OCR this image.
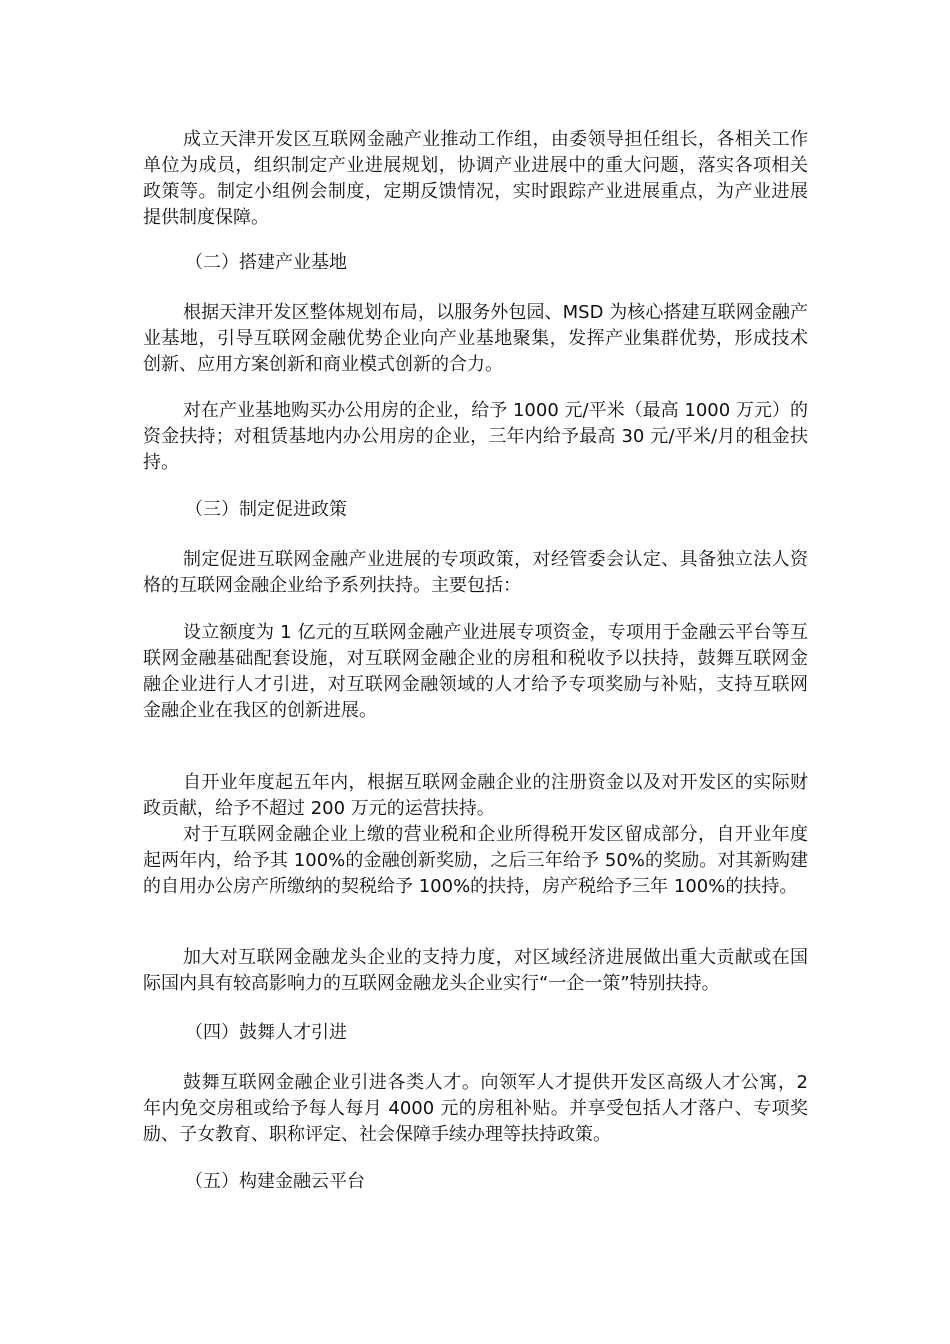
成立天津开发区互联网金融产业推动工作组，由委领导担任组长，各相关工作单位为成员，组织制定产业进展规划，协调产业进展中的重大问题，落实各项相关政策等。制定小组例会制度，定期反馈情况，实时跟踪产业进展重点，为产业进展提供制度保障。

（二）搭建产业基地

根据天津开发区整体规划布局，以服务外包园、MSD 为核心搭建互联网金融产业基地，引导互联网金融优势企业向产业基地聚集，发挥产业集群优势，形成技术创新、应用方案创新和商业模式创新的合力。

对在产业基地购买办公用房的企业，给予 1000 元/平米（最高 1000 万元）的资金扶持；对租赁基地内办公用房的企业，三年内给予最高 30 元/平米/月的租金扶持。

（三）制定促进政策

制定促进互联网金融产业进展的专项政策，对经管委会认定、具备独立法人资格的互联网金融企业给予系列扶持。主要包括：

设立额度为 1 亿元的互联网金融产业进展专项资金，专项用于金融云平台等互联网金融基础配套设施，对互联网金融企业的房租和税收予以扶持，鼓舞互联网金融企业进行人才引进，对互联网金融领域的人才给予专项奖励与补贴，支持互联网金融企业在我区的创新进展。

自开业年度起五年内，根据互联网金融企业的注册资金以及对开发区的实际财政贡献，给予不超过 200 万元的运营扶持。

对于互联网金融企业上缴的营业税和企业所得税开发区留成部分，自开业年度起两年内，给予其 100%的金融创新奖励，之后三年给予 50%的奖励。对其新购建的自用办公房产所缴纳的契税给予 100%的扶持，房产税给予三年 100%的扶持。

加大对互联网金融龙头企业的支持力度，对区域经济进展做出重大贡献或在国际国内具有较高影响力的互联网金融龙头企业实行“一企一策”特别扶持。

（四）鼓舞人才引进

鼓舞互联网金融企业引进各类人才。向领军人才提供开发区高级人才公寓，2 年内免交房租或给予每人每月 4000 元的房租补贴。并享受包括人才落户、专项奖励、子女教育、职称评定、社会保障手续办理等扶持政策。

（五）构建金融云平台
